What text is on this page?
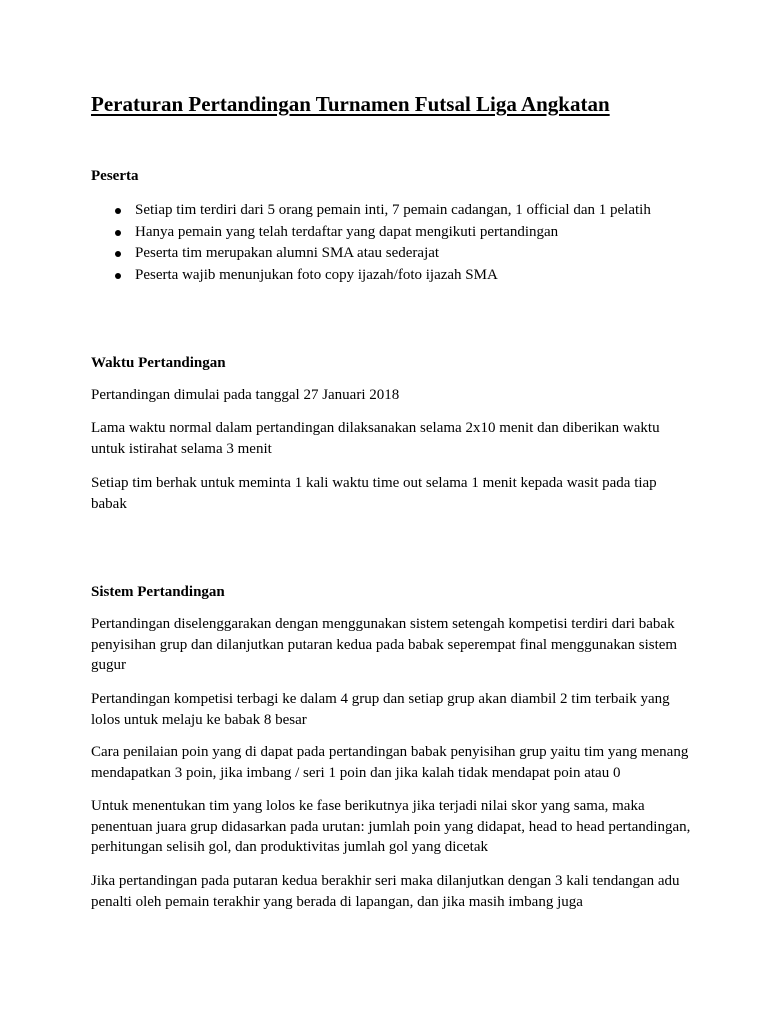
Peraturan Pertandingan Turnamen Futsal Liga Angkatan
Peserta
Setiap tim terdiri dari 5 orang pemain inti, 7 pemain cadangan, 1 official dan 1 pelatih
Hanya pemain yang telah terdaftar yang dapat mengikuti pertandingan
Peserta tim merupakan alumni SMA atau sederajat
Peserta wajib menunjukan foto copy ijazah/foto ijazah SMA
Waktu Pertandingan

Pertandingan dimulai pada tanggal 27 Januari 2018

Lama waktu normal dalam pertandingan dilaksanakan selama 2x10 menit dan diberikan waktu untuk istirahat selama 3 menit

Setiap tim berhak untuk meminta 1 kali waktu time out selama 1 menit kepada wasit pada tiap babak

Sistem Pertandingan

Pertandingan diselenggarakan dengan menggunakan sistem setengah kompetisi terdiri dari babak penyisihan grup dan dilanjutkan putaran kedua pada babak seperempat final menggunakan sistem gugur

Pertandingan kompetisi terbagi ke dalam 4 grup dan setiap grup akan diambil 2 tim terbaik yang lolos untuk melaju ke babak 8 besar

Cara penilaian poin yang di dapat pada pertandingan babak penyisihan grup yaitu tim yang menang mendapatkan 3 poin, jika imbang / seri 1 poin dan jika kalah tidak mendapat poin atau 0

Untuk menentukan tim yang lolos ke fase berikutnya jika terjadi nilai skor yang sama, maka penentuan juara grup didasarkan pada urutan: jumlah poin yang didapat, head to head pertandingan, perhitungan selisih gol, dan produktivitas jumlah gol yang dicetak

Jika pertandingan pada putaran kedua berakhir seri maka dilanjutkan dengan 3 kali tendangan adu penalti oleh pemain terakhir yang berada di lapangan, dan jika masih imbang juga
